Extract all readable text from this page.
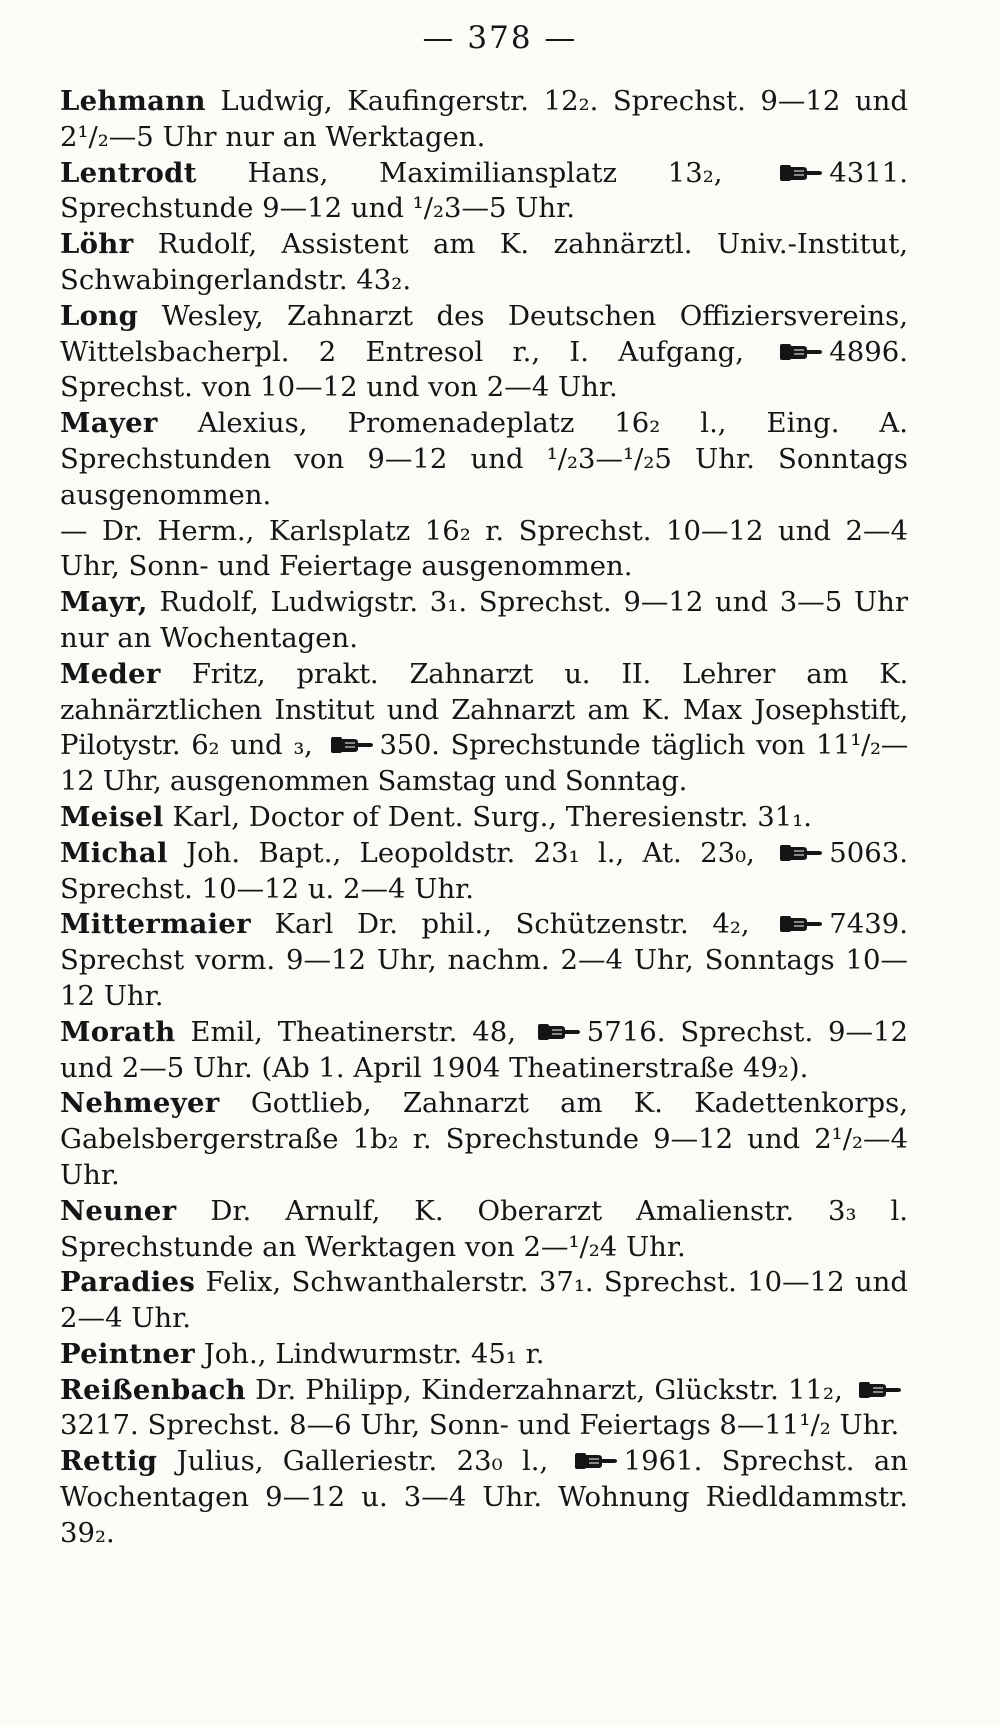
— 378 —
Lehmann Ludwig, Kaufingerstr. 12₂. Sprechst. 9—12 und 2¹/₂—5 Uhr nur an Werktagen.
Lentrodt Hans, Maximiliansplatz 13₂,	4311. Sprechstunde 9—12 und ¹/₂3—5 Uhr.
Löhr Rudolf, Assistent am K. zahnärztl. Univ.-Institut, Schwabingerlandstr. 43₂.
Long Wesley, Zahnarzt des Deutschen Offiziersvereins, Wittelsbacherpl. 2 Entresol r., I. Aufgang,	4896. Sprechst. von 10—12 und von 2—4 Uhr.
Mayer Alexius, Promenadeplatz 16₂ l., Eing. A. Sprechstunden von 9—12 und ¹/₂3—¹/₂5 Uhr. Sonntags ausgenommen.
— Dr. Herm., Karlsplatz 16₂ r. Sprechst. 10—12 und 2—4 Uhr, Sonn- und Feiertage ausgenommen.
Mayr, Rudolf, Ludwigstr. 3₁. Sprechst. 9—12 und 3—5 Uhr nur an Wochentagen.
Meder Fritz, prakt. Zahnarzt u. II. Lehrer am K. zahnärztlichen Institut und Zahnarzt am K. Max Josephstift, Pilotystr. 6₂ und ₃, 350. Sprechstunde täglich von 11¹/₂—12 Uhr, ausgenommen Samstag und Sonntag.
Meisel Karl, Doctor of Dent. Surg., Theresienstr. 31₁.
Michal Joh. Bapt., Leopoldstr. 23₁ l., At. 23₀,	5063. Sprechst. 10—12 u. 2—4 Uhr.
Mittermaier Karl Dr. phil., Schützenstr. 4₂,	7439. Sprechst vorm. 9—12 Uhr, nachm. 2—4 Uhr, Sonntags 10—12 Uhr.
Morath Emil, Theatinerstr. 48,	5716. Sprechst. 9—12 und 2—5 Uhr. (Ab 1. April 1904 Theatinerstraße 49₂).
Nehmeyer Gottlieb, Zahnarzt am K. Kadettenkorps, Gabelsbergerstraße 1b₂ r. Sprechstunde 9—12 und 2¹/₂—4 Uhr.
Neuner Dr. Arnulf, K. Oberarzt Amalienstr. 3₃ l. Sprechstunde an Werktagen von 2—¹/₂4 Uhr.
Paradies Felix, Schwanthalerstr. 37₁. Sprechst. 10—12 und 2—4 Uhr.
Peintner Joh., Lindwurmstr. 45₁ r.
Reißenbach Dr. Philipp, Kinderzahnarzt, Glückstr. 11₂,
3217. Sprechst. 8—6 Uhr, Sonn- und Feiertags 8—11¹/₂ Uhr.
Rettig Julius, Galleriestr. 23₀ l.,	1961. Sprechst. an Wochentagen 9—12 u. 3—4 Uhr. Wohnung Riedldammstr. 39₂.
